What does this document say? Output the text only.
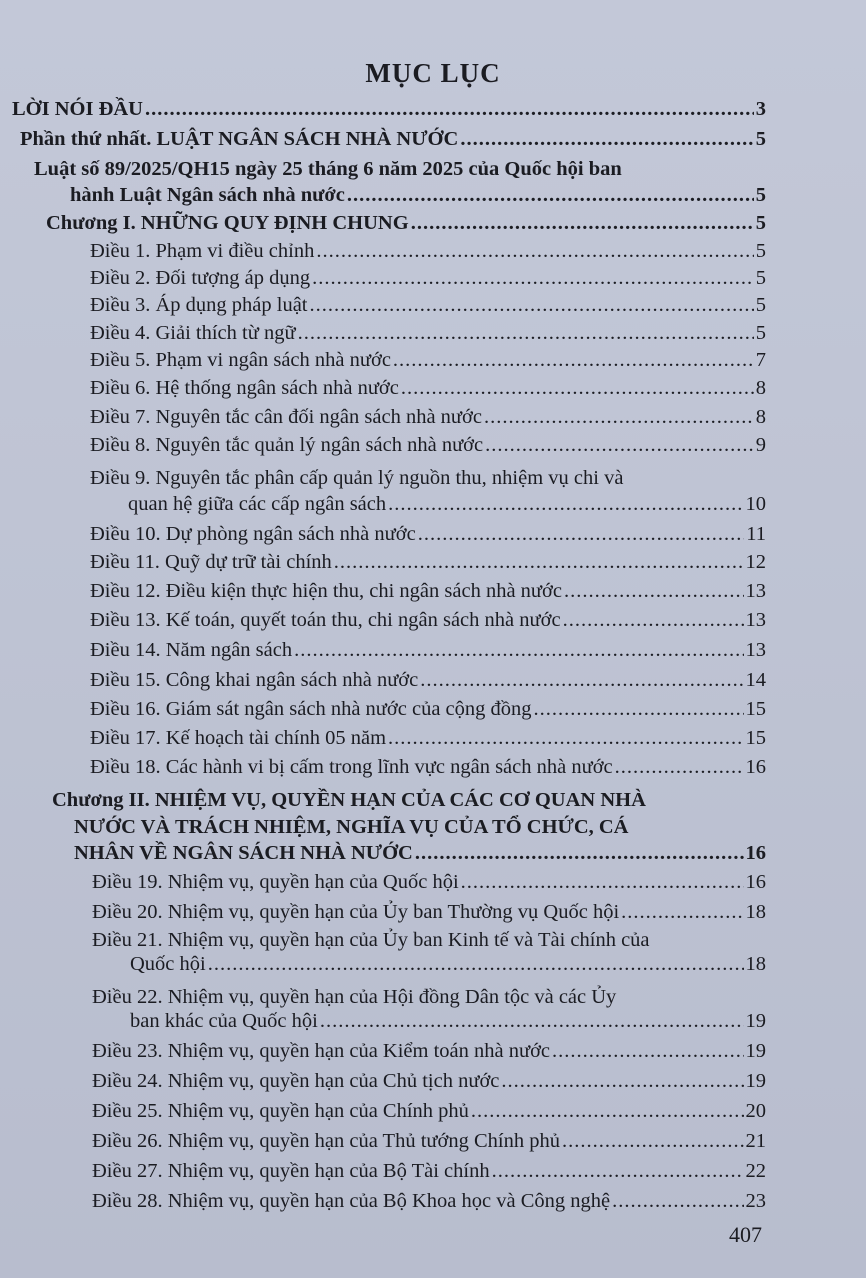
MỤC LỤC
LỜI NÓI ĐẦU .....	3
Phần thứ nhất. LUẬT NGÂN SÁCH NHÀ NƯỚC .....	5
Luật số 89/2025/QH15 ngày 25 tháng 6 năm 2025 của Quốc hội ban
hành Luật Ngân sách nhà nước .....	5
Chương I. NHỮNG QUY ĐỊNH CHUNG .....	5
Điều 1. Phạm vi điều chỉnh .....	5
Điều 2. Đối tượng áp dụng .....	5
Điều 3. Áp dụng pháp luật .....	5
Điều 4. Giải thích từ ngữ .....	5
Điều 5. Phạm vi ngân sách nhà nước .....	7
Điều 6. Hệ thống ngân sách nhà nước .....	8
Điều 7. Nguyên tắc cân đối ngân sách nhà nước .....	8
Điều 8. Nguyên tắc quản lý ngân sách nhà nước .....	9
Điều 9. Nguyên tắc phân cấp quản lý nguồn thu, nhiệm vụ chi và
quan hệ giữa các cấp ngân sách .....	10
Điều 10. Dự phòng ngân sách nhà nước .....	11
Điều 11. Quỹ dự trữ tài chính .....	12
Điều 12. Điều kiện thực hiện thu, chi ngân sách nhà nước .....	13
Điều 13. Kế toán, quyết toán thu, chi ngân sách nhà nước .....	13
Điều 14. Năm ngân sách .....	13
Điều 15. Công khai ngân sách nhà nước .....	14
Điều 16. Giám sát ngân sách nhà nước của cộng đồng .....	15
Điều 17. Kế hoạch tài chính 05 năm .....	15
Điều 18. Các hành vi bị cấm trong lĩnh vực ngân sách nhà nước .....	16
Chương II. NHIỆM VỤ, QUYỀN HẠN CỦA CÁC CƠ QUAN NHÀ
NƯỚC VÀ TRÁCH NHIỆM, NGHĨA VỤ CỦA TỔ CHỨC, CÁ
NHÂN VỀ NGÂN SÁCH NHÀ NƯỚC .....	16
Điều 19. Nhiệm vụ, quyền hạn của Quốc hội .....	16
Điều 20. Nhiệm vụ, quyền hạn của Ủy ban Thường vụ Quốc hội .....	18
Điều 21. Nhiệm vụ, quyền hạn của Ủy ban Kinh tế và Tài chính của
Quốc hội .....	18
Điều 22. Nhiệm vụ, quyền hạn của Hội đồng Dân tộc và các Ủy
ban khác của Quốc hội .....	19
Điều 23. Nhiệm vụ, quyền hạn của Kiểm toán nhà nước .....	19
Điều 24. Nhiệm vụ, quyền hạn của Chủ tịch nước .....	19
Điều 25. Nhiệm vụ, quyền hạn của Chính phủ .....	20
Điều 26. Nhiệm vụ, quyền hạn của Thủ tướng Chính phủ .....	21
Điều 27. Nhiệm vụ, quyền hạn của Bộ Tài chính .....	22
Điều 28. Nhiệm vụ, quyền hạn của Bộ Khoa học và Công nghệ .....	23
407
